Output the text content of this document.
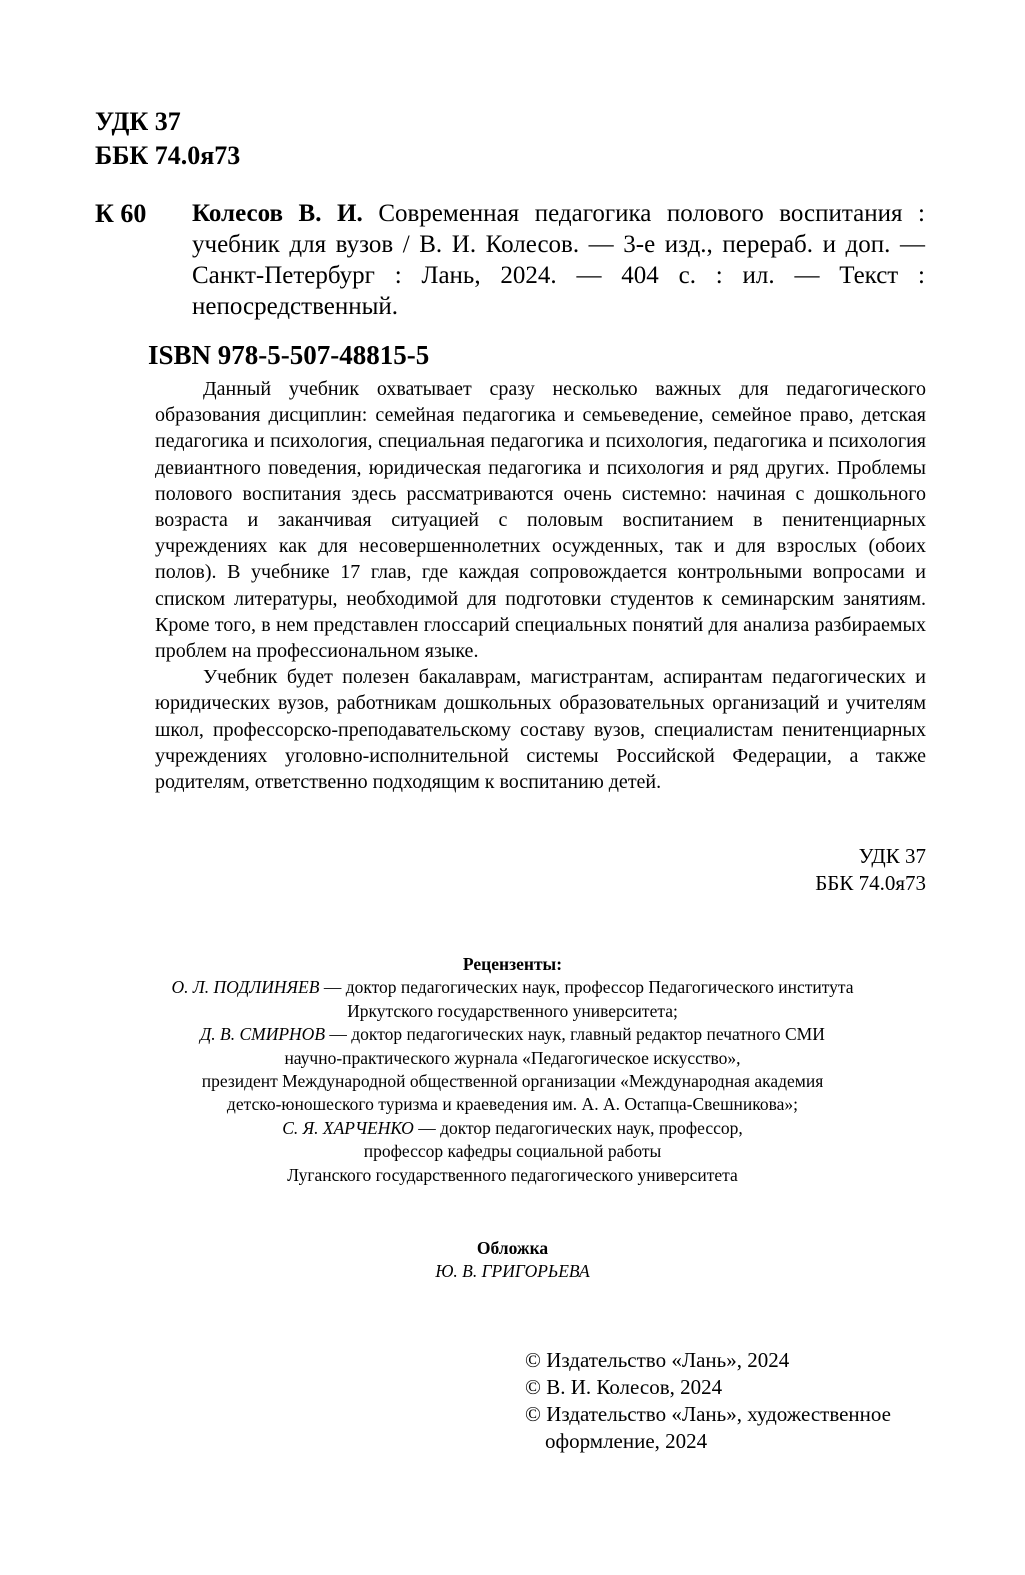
УДК 37
ББК 74.0я73
К 60 Колесов В. И. Современная педагогика полового воспитания : учебник для вузов / В. И. Колесов. — 3-е изд., перераб. и доп. — Санкт-Петербург : Лань, 2024. — 404 с. : ил. — Текст : непосредственный.
ISBN 978-5-507-48815-5

Данный учебник охватывает сразу несколько важных для педагогического образования дисциплин: семейная педагогика и семьеведение, семейное право, детская педагогика и психология, специальная педагогика и психология, педагогика и психология девиантного поведения, юридическая педагогика и психология и ряд других. Проблемы полового воспитания здесь рассматриваются очень системно: начиная с дошкольного возраста и заканчивая ситуацией с половым воспитанием в пенитенциарных учреждениях как для несовершеннолетних осужденных, так и для взрослых (обоих полов). В учебнике 17 глав, где каждая сопровождается контрольными вопросами и списком литературы, необходимой для подготовки студентов к семинарским занятиям. Кроме того, в нем представлен глоссарий специальных понятий для анализа разбираемых проблем на профессиональном языке.

Учебник будет полезен бакалаврам, магистрантам, аспирантам педагогических и юридических вузов, работникам дошкольных образовательных организаций и учителям школ, профессорско-преподавательскому составу вузов, специалистам пенитенциарных учреждениях уголовно-исполнительной системы Российской Федерации, а также родителям, ответственно подходящим к воспитанию детей.

УДК 37
ББК 74.0я73
Рецензенты:
О. Л. ПОДЛИНЯЕВ — доктор педагогических наук, профессор Педагогического института
Иркутского государственного университета;
Д. В. СМИРНОВ — доктор педагогических наук, главный редактор печатного СМИ
научно-практического журнала «Педагогическое искусство»,
президент Международной общественной организации «Международная академия
детско-юношеского туризма и краеведения им. А. А. Остапца-Свешникова»;
С. Я. ХАРЧЕНКО — доктор педагогических наук, профессор,
профессор кафедры социальной работы
Луганского государственного педагогического университета
Обложка
Ю. В. ГРИГОРЬЕВА
© Издательство «Лань», 2024
© В. И. Колесов, 2024
© Издательство «Лань», художественное
оформление, 2024
